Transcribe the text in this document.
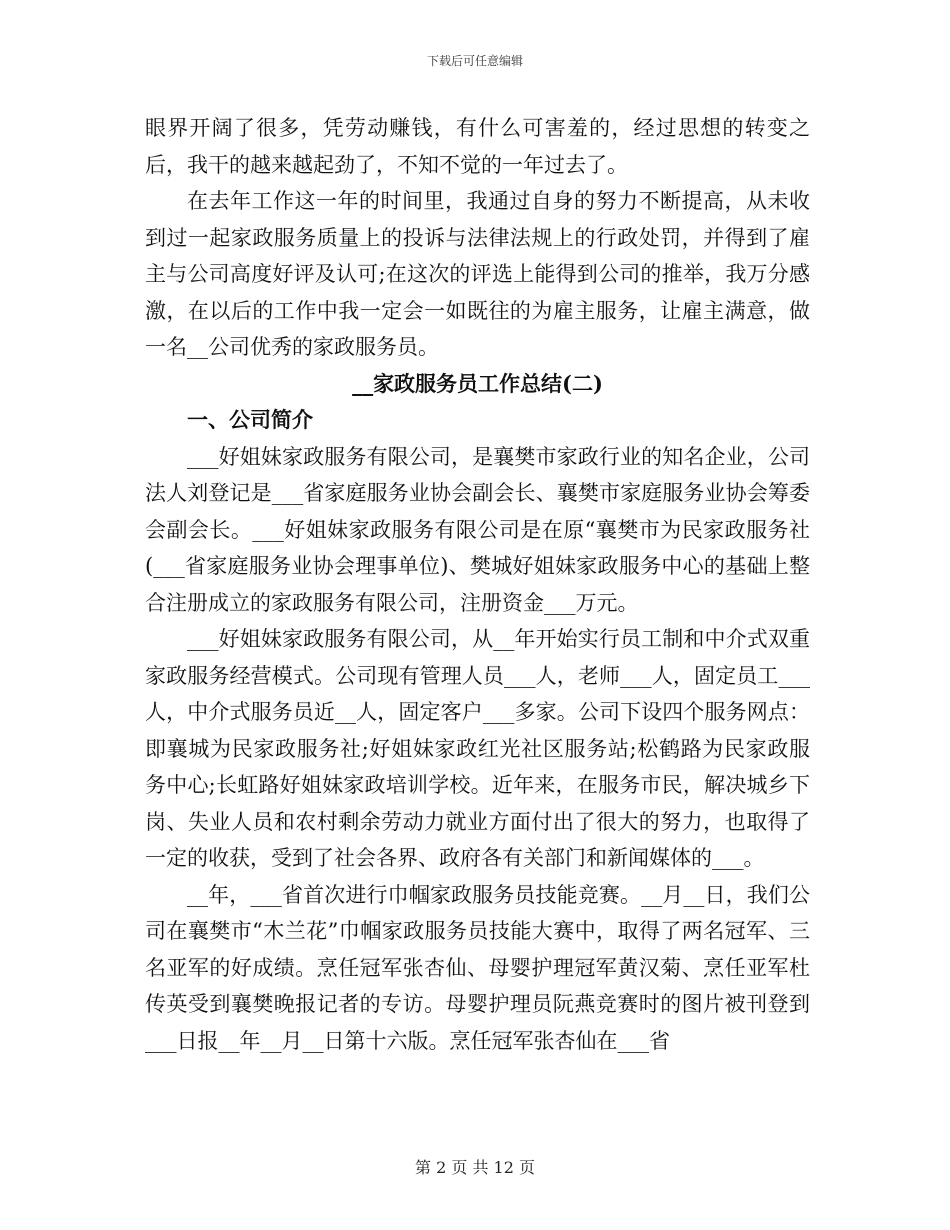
下载后可任意编辑

眼界开阔了很多，凭劳动赚钱，有什么可害羞的，经过思想的转变之后，我干的越来越起劲了，不知不觉的一年过去了。

在去年工作这一年的时间里，我通过自身的努力不断提高，从未收到过一起家政服务质量上的投诉与法律法规上的行政处罚，并得到了雇主与公司高度好评及认可;在这次的评选上能得到公司的推举，我万分感激，在以后的工作中我一定会一如既往的为雇主服务，让雇主满意，做一名__公司优秀的家政服务员。

__家政服务员工作总结(二)
一、公司简介

___好姐妹家政服务有限公司，是襄樊市家政行业的知名企业，公司法人刘登记是___省家庭服务业协会副会长、襄樊市家庭服务业协会筹委会副会长。___好姐妹家政服务有限公司是在原“襄樊市为民家政服务社(___省家庭服务业协会理事单位)、樊城好姐妹家政服务中心的基础上整合注册成立的家政服务有限公司，注册资金___万元。

___好姐妹家政服务有限公司，从__年开始实行员工制和中介式双重家政服务经营模式。公司现有管理人员___人，老师___人，固定员工___人，中介式服务员近__人，固定客户___多家。公司下设四个服务网点：即襄城为民家政服务社;好姐妹家政红光社区服务站;松鹤路为民家政服务中心;长虹路好姐妹家政培训学校。近年来，在服务市民，解决城乡下岗、失业人员和农村剩余劳动力就业方面付出了很大的努力，也取得了一定的收获，受到了社会各界、政府各有关部门和新闻媒体的___。

__年，___省首次进行巾帼家政服务员技能竞赛。__月__日，我们公司在襄樊市“木兰花”巾帼家政服务员技能大赛中，取得了两名冠军、三名亚军的好成绩。烹任冠军张杏仙、母婴护理冠军黄汉菊、烹任亚军杜传英受到襄樊晚报记者的专访。母婴护理员阮燕竞赛时的图片被刊登到___日报__年__月__日第十六版。烹任冠军张杏仙在___省

第 2 页 共 12 页
